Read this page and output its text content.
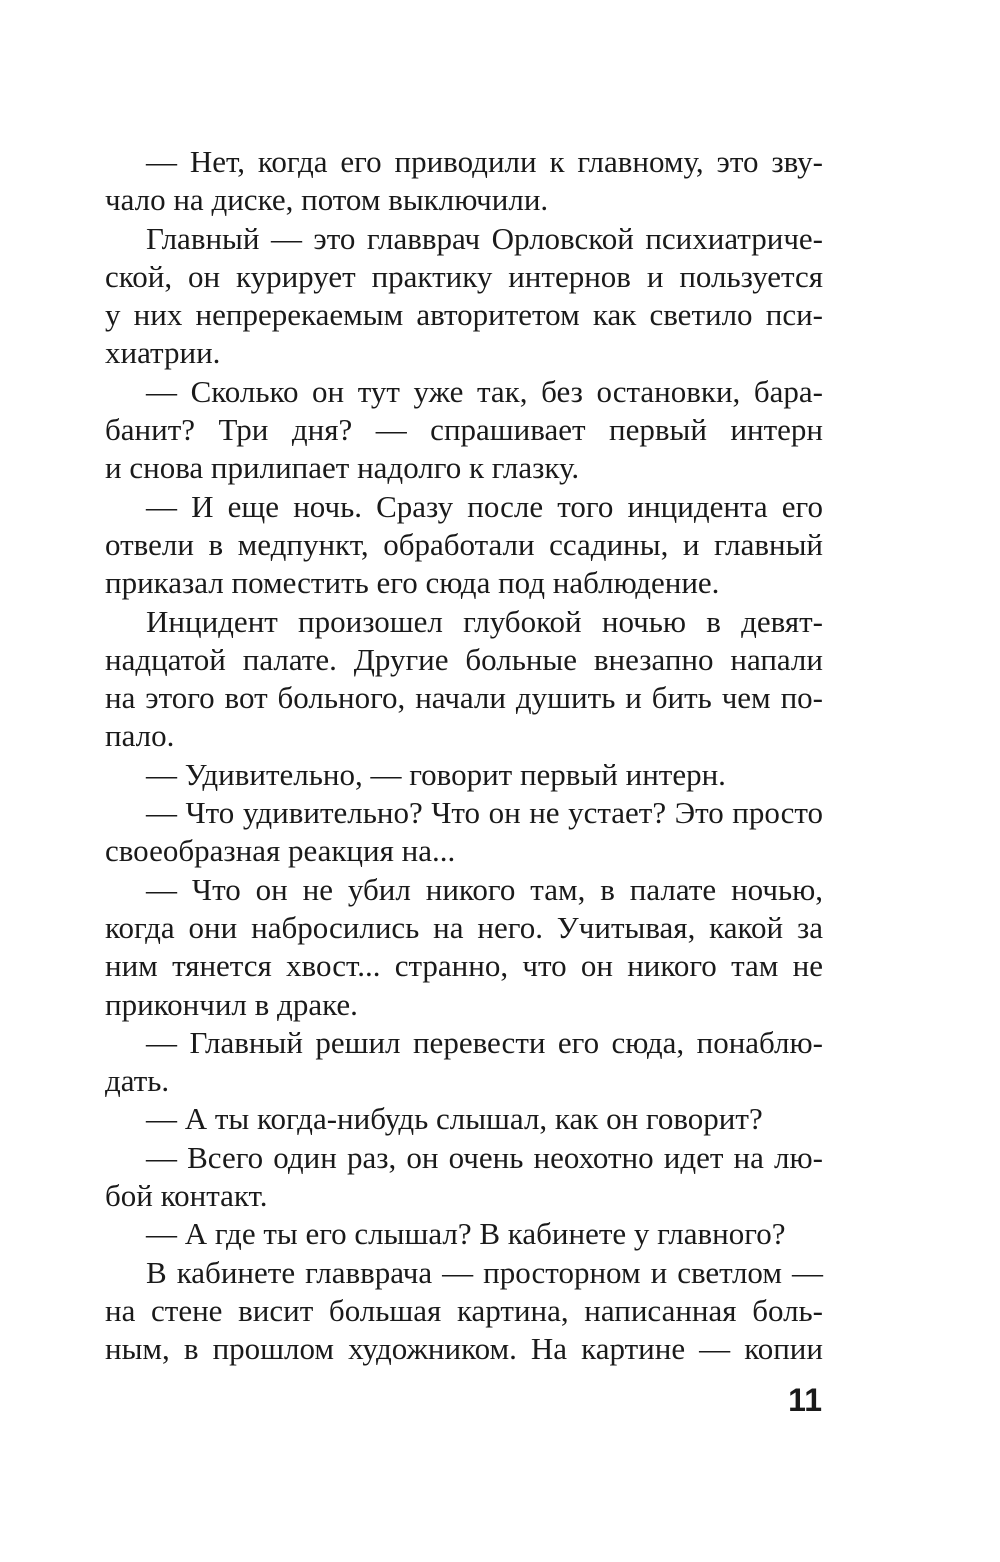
— Нет, когда его приводили к главному, это зву-
чало на диске, потом выключили.
Главный — это главврач Орловской психиатриче-
ской, он курирует практику интернов и пользуется
у них непререкаемым авторитетом как светило пси-
хиатрии.
— Сколько он тут уже так, без остановки, бара-
банит? Три дня? — спрашивает первый интерн
и снова прилипает надолго к глазку.
— И еще ночь. Сразу после того инцидента его
отвели в медпункт, обработали ссадины, и главный
приказал поместить его сюда под наблюдение.
Инцидент произошел глубокой ночью в девят-
надцатой палате. Другие больные внезапно напали
на этого вот больного, начали душить и бить чем по-
пало.
— Удивительно, — говорит первый интерн.
— Что удивительно? Что он не устает? Это просто
своеобразная реакция на...
— Что он не убил никого там, в палате ночью,
когда они набросились на него. Учитывая, какой за
ним тянется хвост... странно, что он никого там не
прикончил в драке.
— Главный решил перевести его сюда, понаблю-
дать.
— А ты когда-нибудь слышал, как он говорит?
— Всего один раз, он очень неохотно идет на лю-
бой контакт.
— А где ты его слышал? В кабинете у главного?
В кабинете главврача — просторном и светлом —
на стене висит большая картина, написанная боль-
ным, в прошлом художником. На картине — копии
11
